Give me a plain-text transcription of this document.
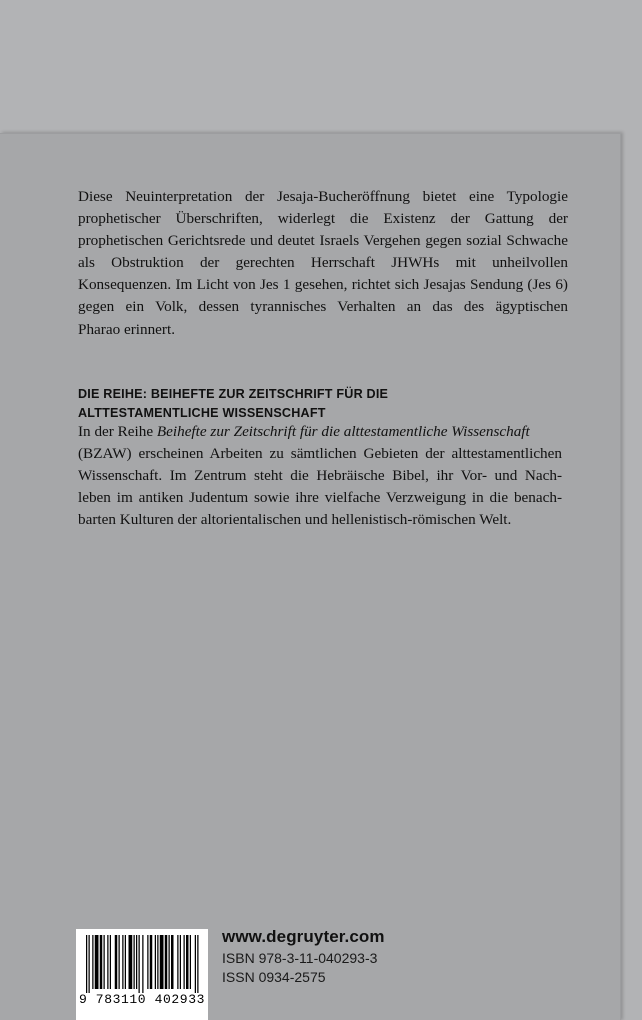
Diese Neuinterpretation der Jesaja-Bucheröffnung bietet eine Typologie
prophetischer Überschriften, widerlegt die Existenz der Gattung der
prophetischen Gerichtsrede und deutet Israels Vergehen gegen sozial Schwache
als Obstruktion der gerechten Herrschaft JHWHs mit unheilvollen
Konsequenzen. Im Licht von Jes 1 gesehen, richtet sich Jesajas Sendung (Jes 6)
gegen ein Volk, dessen tyrannisches Verhalten an das des ägyptischen
Pharao erinnert.
DIE REIHE: BEIHEFTE ZUR ZEITSCHRIFT FÜR DIE
ALTTESTAMENTLICHE WISSENSCHAFT
In der Reihe Beihefte zur Zeitschrift für die alttestamentliche Wissenschaft
(BZAW) erscheinen Arbeiten zu sämtlichen Gebieten der alttestamentlichen
Wissenschaft. Im Zentrum steht die Hebräische Bibel, ihr Vor- und Nach-
leben im antiken Judentum sowie ihre vielfache Verzweigung in die benach-
barten Kulturen der altorientalischen und hellenistisch-römischen Welt.
9 783110 402933
www.degruyter.com
ISBN 978-3-11-040293-3
ISSN 0934-2575
